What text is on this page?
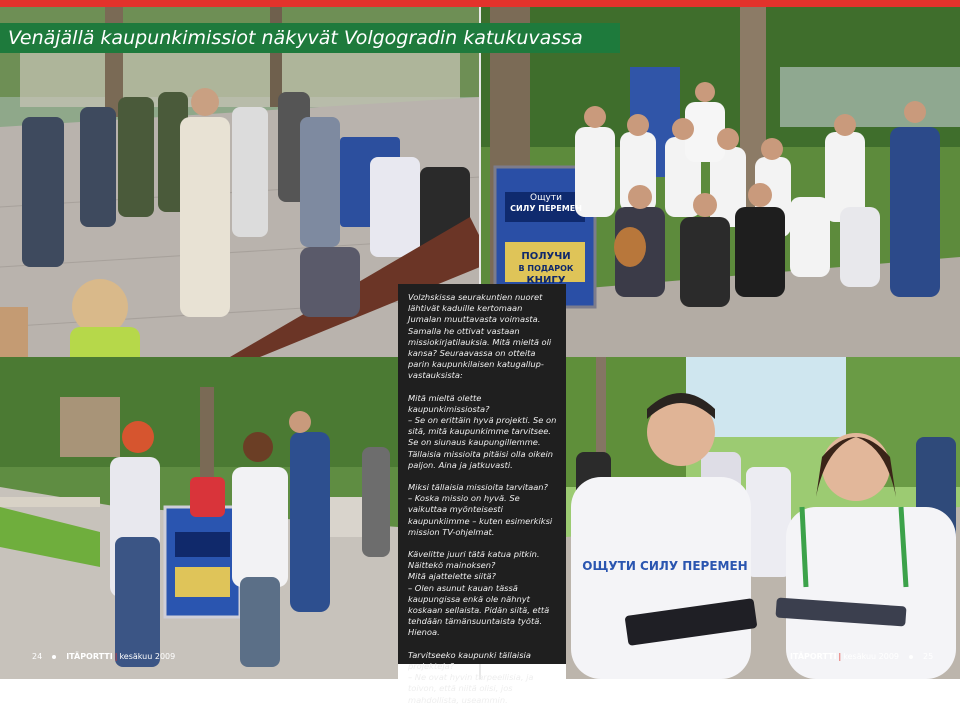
Venäjällä kaupunkimissiot näkyvät Volgogradin katukuvassa

Volzhskissa seurakuntien nuoret lähtivät kaduille kertomaan Jumalan muuttavasta voimasta. Samalla he ottivat vastaan missiokirjatilauksia. Mitä mieltä oli kansa? Seuraavassa on otteita parin kaupunkilaisen katugallup-vastauksista:

Mitä mieltä olette kaupunkimissiosta?
– Se on erittäin hyvä projekti. Se on sitä, mitä kaupunkimme tarvitsee. Se on siunaus kaupungillemme. Tällaisia missioita pitäisi olla oikein paljon. Aina ja jatkuvasti.

Miksi tällaisia missioita tarvitaan?
– Koska missio on hyvä. Se vaikuttaa myönteisesti kaupunkiimme – kuten esimerkiksi mission TV-ohjelmat.

Kävelitte juuri tätä katua pitkin. Näittekö mainoksen?
Mitä ajattelette siitä?
– Olen asunut kauan tässä kaupungissa enkä ole nähnyt koskaan sellaista. Pidän siitä, että tehdään tämänsuuntaista työtä. Hienoa.

Tarvitseeko kaupunki tällaisia projekteja?
– Ne ovat hyvin tarpeellisia, ja toivon, että niitä olisi, jos mahdollista, useammin.

24	ITÄPORTTI | kesäkuu 2009	ITÄPORTTI | kesäkuu 2009	25
Ощути
СИЛУ ПЕРЕМЕН
ПОЛУЧИ
В ПОДАРОК
КНИГУ
ОЩУТИ СИЛУ ПЕРЕМЕН
